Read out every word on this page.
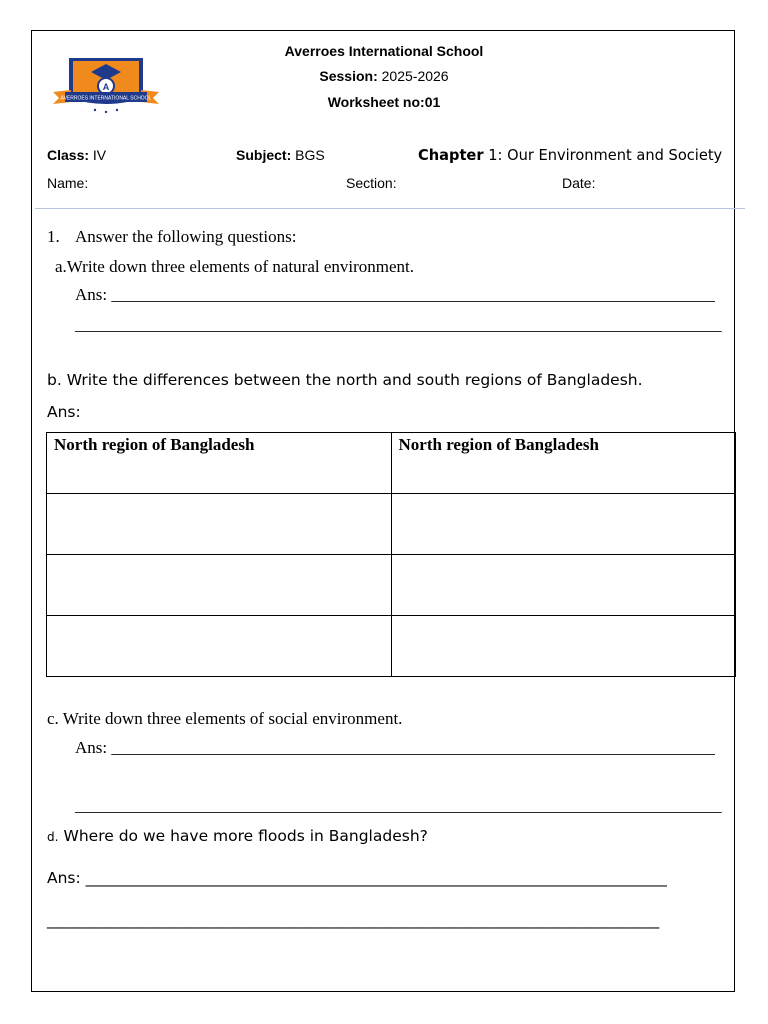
A
AVERROES INTERNATIONAL SCHOOL
Averroes International School
Session: 2025-2026
Worksheet no:01
Class: IV	Subject: BGS	Chapter 1: Our Environment and Society
Name:	Section:	Date:
1. Answer the following questions:
a.Write down three elements of natural environment.
Ans: _______________________________________________________________________
_____________________________________________________________________________
b. Write the differences between the north and south regions of Bangladesh.
Ans:
North region of Bangladesh	North region of Bangladesh

c. Write down three elements of social environment.
Ans: _______________________________________________________________________
_____________________________________________________________________________
d. Where do we have more floods in Bangladesh?
Ans: ___________________________________________________________________________
_______________________________________________________________________________
